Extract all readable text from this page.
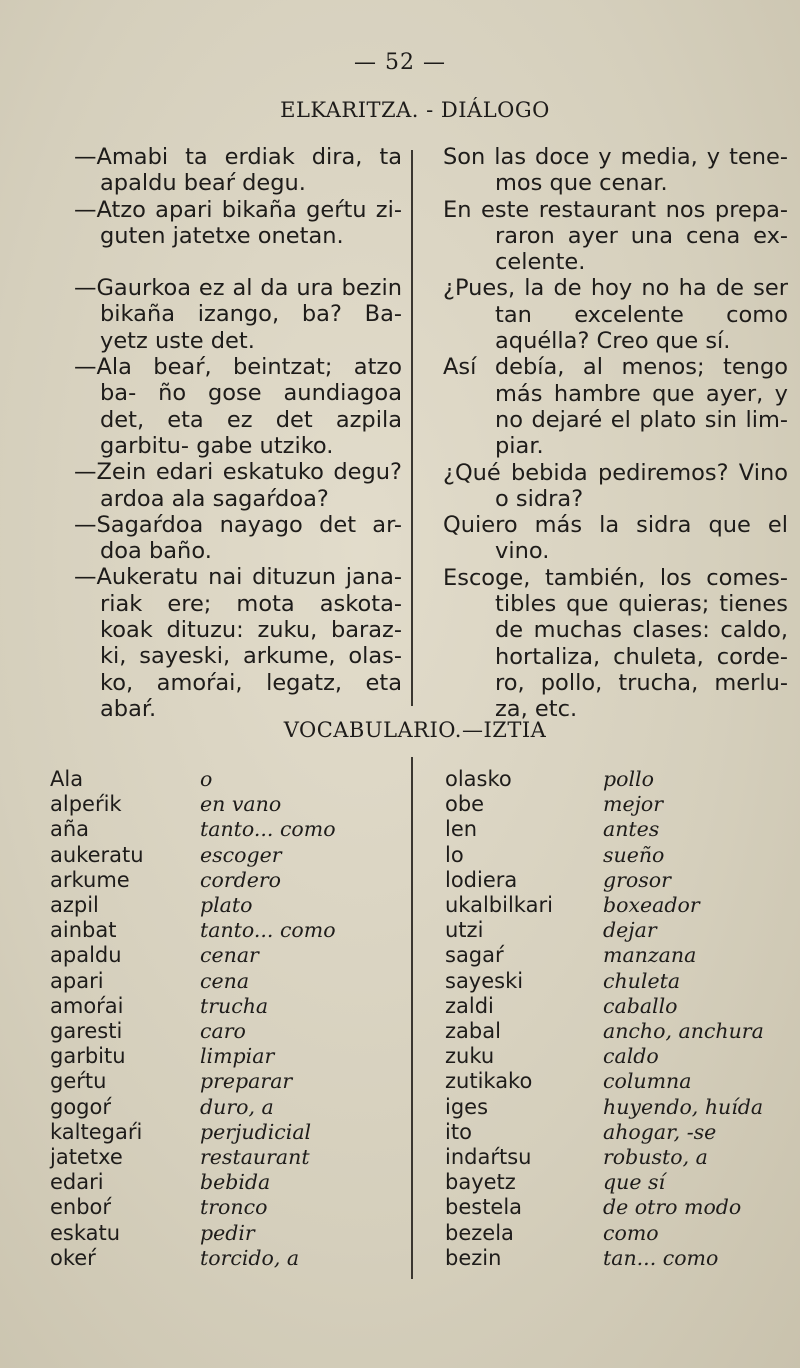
— 52 —
ELKARITZA. - DIÁLOGO
—Amabi ta erdiak dira, ta apaldu beaŕ degu.
—Atzo apari bikaña geŕtu zi- guten jatetxe onetan.
—Gaurkoa ez al da ura bezin bikaña izango, ba? Ba- yetz uste det.
—Ala beaŕ, beintzat; atzo ba- ño gose aundiagoa det, eta ez det azpila garbitu- gabe utziko.
—Zein edari eskatuko degu? ardoa ala sagaŕdoa?
—Sagaŕdoa nayago det ar- doa baño.
—Aukeratu nai dituzun jana- riak ere; mota askota- koak dituzu: zuku, baraz- ki, sayeski, arkume, olas- ko, amoŕai, legatz, eta abaŕ.
Son las doce y media, y tene- mos que cenar.
En este restaurant nos prepa- raron ayer una cena ex- celente.
¿Pues, la de hoy no ha de ser tan excelente como aquélla? Creo que sí.
Así debía, al menos; tengo más hambre que ayer, y no dejaré el plato sin lim- piar.
¿Qué bebida pediremos? Vino o sidra?
Quiero más la sidra que el vino.
Escoge, también, los comes- tibles que quieras; tienes de muchas clases: caldo, hortaliza, chuleta, corde- ro, pollo, trucha, merlu- za, etc.
VOCABULARIO.—IZTIA
Ala	o
alpeŕik	en vano
aña	tanto... como
aukeratu	escoger
arkume	cordero
azpil	plato
ainbat	tanto... como
apaldu	cenar
apari	cena
amoŕai	trucha
garesti	caro
garbitu	limpiar
geŕtu	preparar
gogoŕ	duro, a
kaltegaŕi	perjudicial
jatetxe	restaurant
edari	bebida
enboŕ	tronco
eskatu	pedir
okeŕ	torcido, a
olasko	pollo
obe	mejor
len	antes
lo	sueño
lodiera	grosor
ukalbilkari	boxeador
utzi	dejar
sagaŕ	manzana
sayeski	chuleta
zaldi	caballo
zabal	ancho, anchura
zuku	caldo
zutikako	columna
iges	huyendo, huída
ito	ahogar, -se
indaŕtsu	robusto, a
bayetz	que sí
bestela	de otro modo
bezela	como
bezin	tan... como
